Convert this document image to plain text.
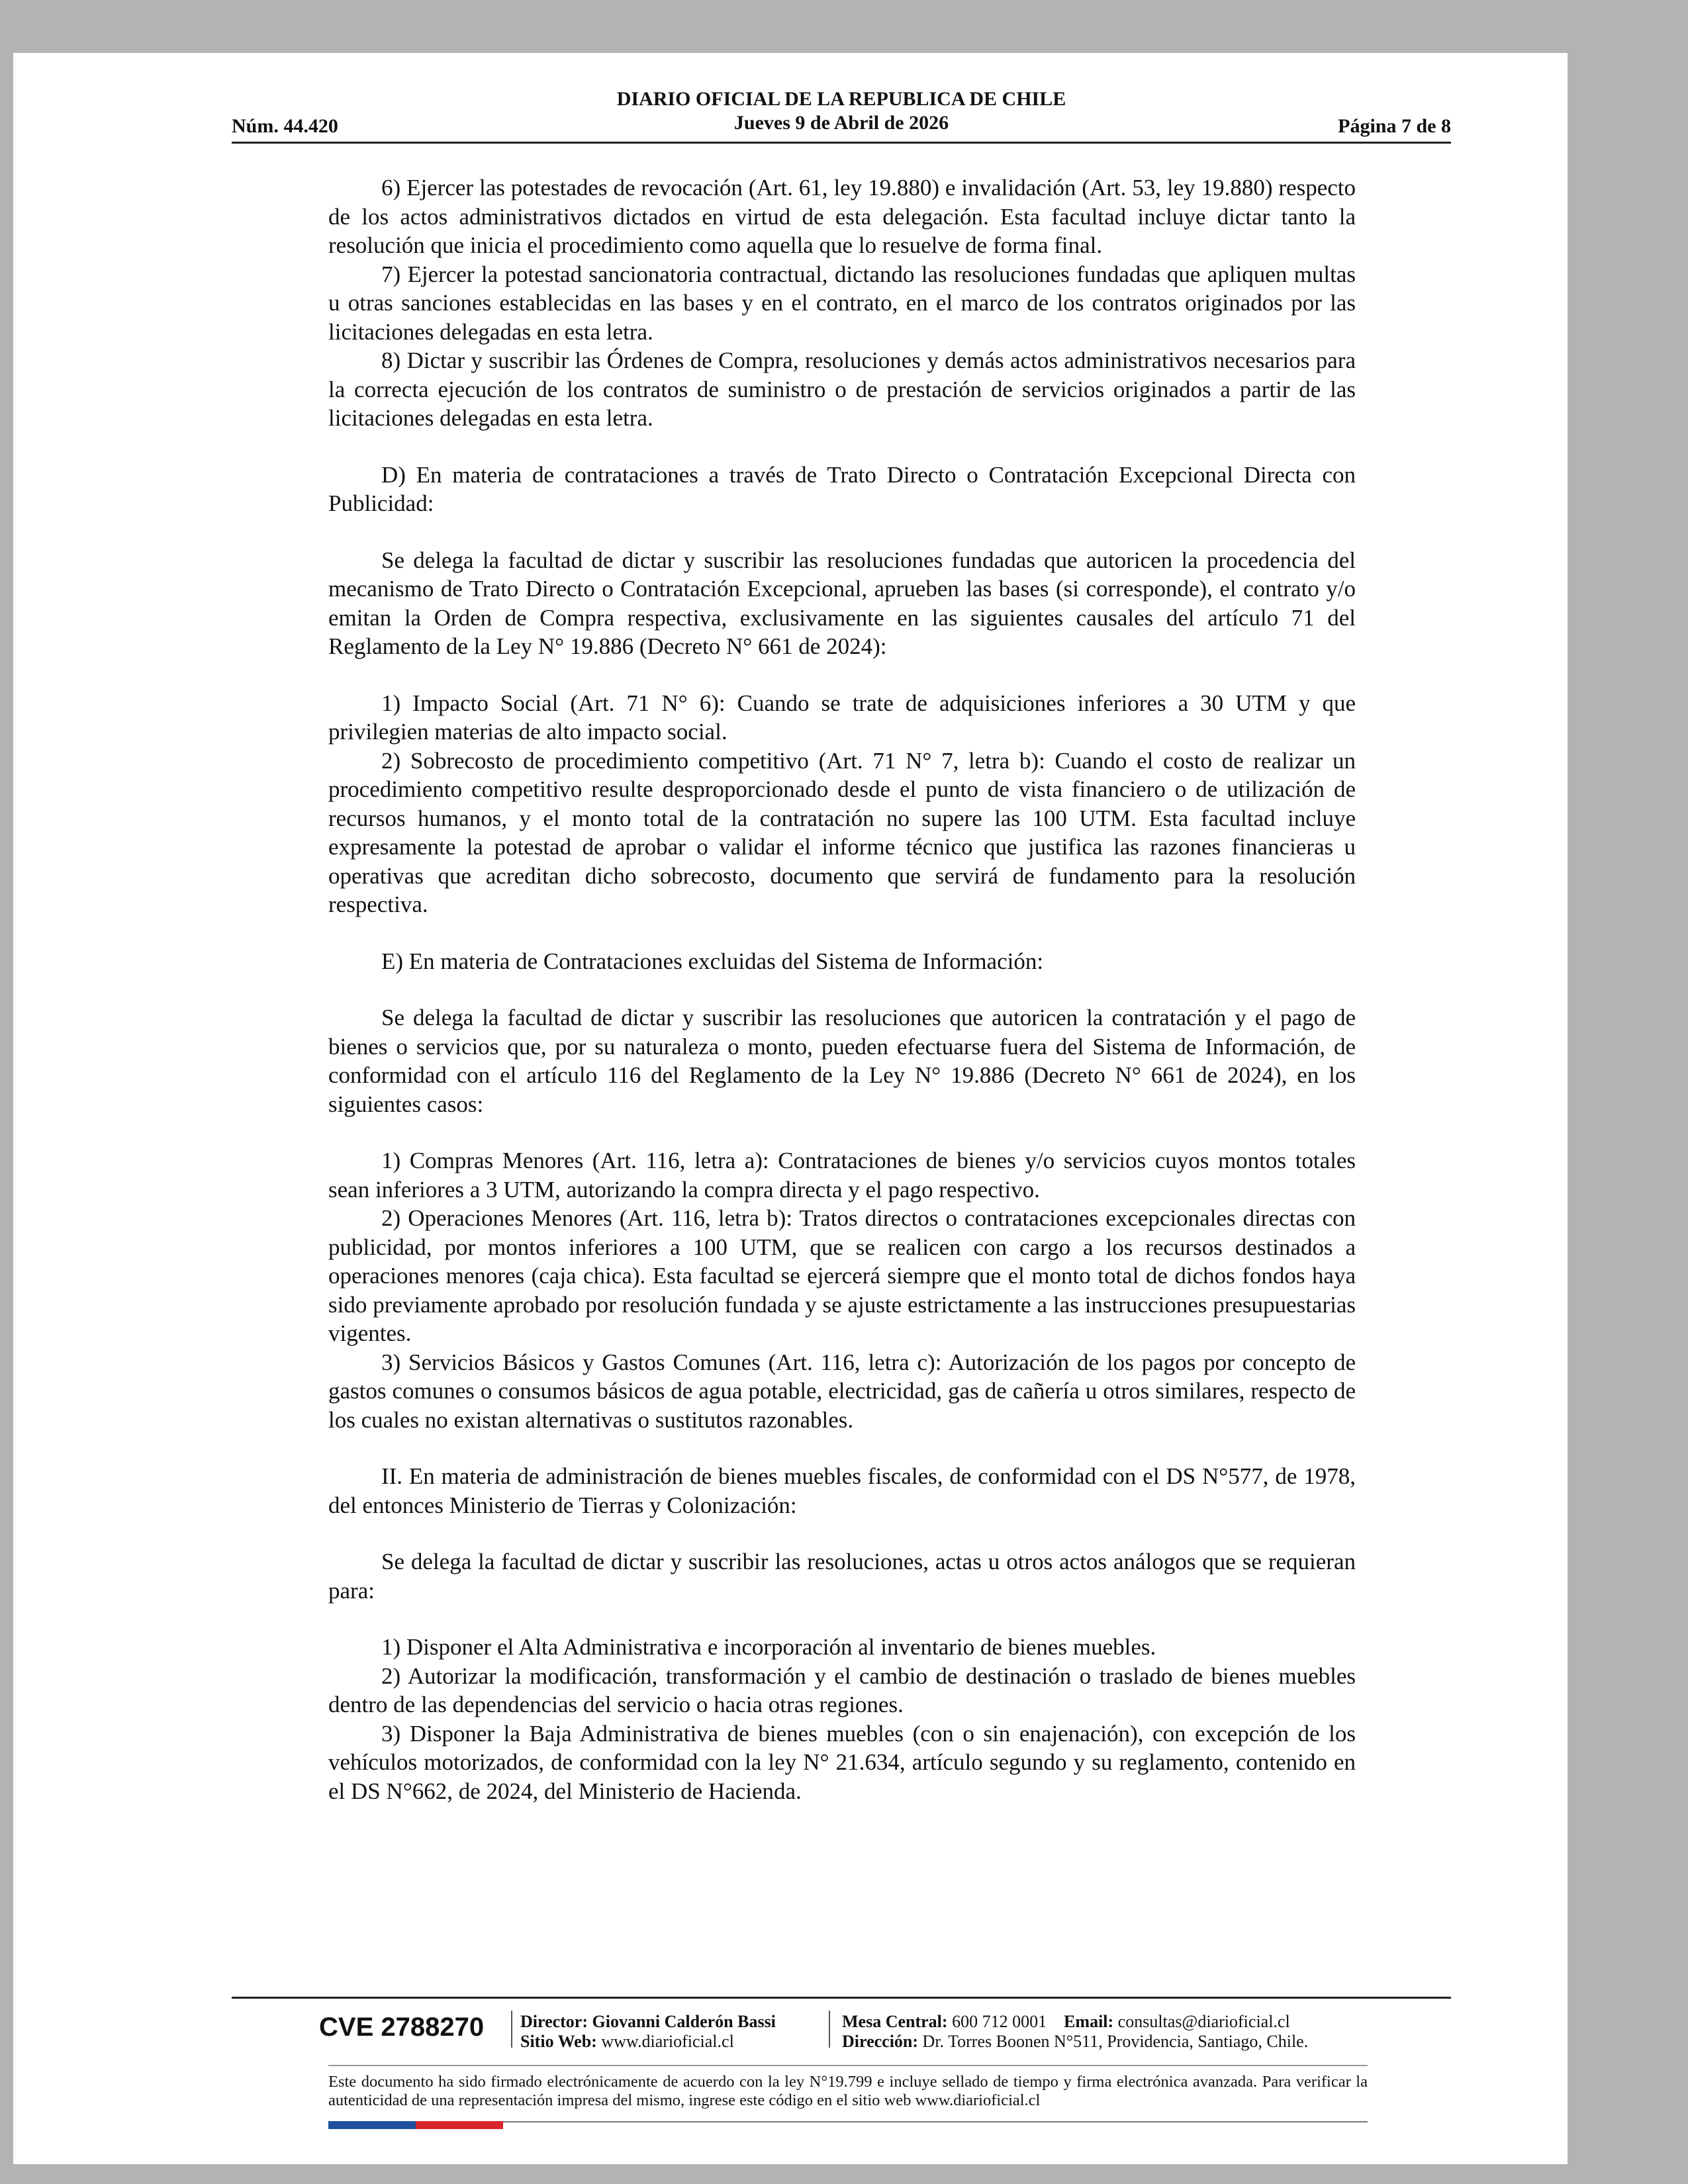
Núm. 44.420
DIARIO OFICIAL DE LA REPUBLICA DE CHILE
Jueves 9 de Abril de 2026	Página 7 de 8

6) Ejercer las potestades de revocación (Art. 61, ley 19.880) e invalidación (Art. 53, ley 19.880) respecto de los actos administrativos dictados en virtud de esta delegación. Esta facultad incluye dictar tanto la resolución que inicia el procedimiento como aquella que lo resuelve de forma final.

7) Ejercer la potestad sancionatoria contractual, dictando las resoluciones fundadas que apliquen multas u otras sanciones establecidas en las bases y en el contrato, en el marco de los contratos originados por las licitaciones delegadas en esta letra.

8) Dictar y suscribir las Órdenes de Compra, resoluciones y demás actos administrativos necesarios para la correcta ejecución de los contratos de suministro o de prestación de servicios originados a partir de las licitaciones delegadas en esta letra.

D) En materia de contrataciones a través de Trato Directo o Contratación Excepcional Directa con Publicidad:

Se delega la facultad de dictar y suscribir las resoluciones fundadas que autoricen la procedencia del mecanismo de Trato Directo o Contratación Excepcional, aprueben las bases (si corresponde), el contrato y/o emitan la Orden de Compra respectiva, exclusivamente en las siguientes causales del artículo 71 del Reglamento de la Ley N° 19.886 (Decreto N° 661 de 2024):

1) Impacto Social (Art. 71 N° 6): Cuando se trate de adquisiciones inferiores a 30 UTM y que privilegien materias de alto impacto social.

2) Sobrecosto de procedimiento competitivo (Art. 71 N° 7, letra b): Cuando el costo de realizar un procedimiento competitivo resulte desproporcionado desde el punto de vista financiero o de utilización de recursos humanos, y el monto total de la contratación no supere las 100 UTM. Esta facultad incluye expresamente la potestad de aprobar o validar el informe técnico que justifica las razones financieras u operativas que acreditan dicho sobrecosto, documento que servirá de fundamento para la resolución respectiva.

E) En materia de Contrataciones excluidas del Sistema de Información:

Se delega la facultad de dictar y suscribir las resoluciones que autoricen la contratación y el pago de bienes o servicios que, por su naturaleza o monto, pueden efectuarse fuera del Sistema de Información, de conformidad con el artículo 116 del Reglamento de la Ley N° 19.886 (Decreto N° 661 de 2024), en los siguientes casos:

1) Compras Menores (Art. 116, letra a): Contrataciones de bienes y/o servicios cuyos montos totales sean inferiores a 3 UTM, autorizando la compra directa y el pago respectivo.

2) Operaciones Menores (Art. 116, letra b): Tratos directos o contrataciones excepcionales directas con publicidad, por montos inferiores a 100 UTM, que se realicen con cargo a los recursos destinados a operaciones menores (caja chica). Esta facultad se ejercerá siempre que el monto total de dichos fondos haya sido previamente aprobado por resolución fundada y se ajuste estrictamente a las instrucciones presupuestarias vigentes.

3) Servicios Básicos y Gastos Comunes (Art. 116, letra c): Autorización de los pagos por concepto de gastos comunes o consumos básicos de agua potable, electricidad, gas de cañería u otros similares, respecto de los cuales no existan alternativas o sustitutos razonables.

II. En materia de administración de bienes muebles fiscales, de conformidad con el DS N°577, de 1978, del entonces Ministerio de Tierras y Colonización:

Se delega la facultad de dictar y suscribir las resoluciones, actas u otros actos análogos que se requieran para:

1) Disponer el Alta Administrativa e incorporación al inventario de bienes muebles.

2) Autorizar la modificación, transformación y el cambio de destinación o traslado de bienes muebles dentro de las dependencias del servicio o hacia otras regiones.

3) Disponer la Baja Administrativa de bienes muebles (con o sin enajenación), con excepción de los vehículos motorizados, de conformidad con la ley N° 21.634, artículo segundo y su reglamento, contenido en el DS N°662, de 2024, del Ministerio de Hacienda.

CVE 2788270 Director: Giovanni Calderón Bassi
Sitio Web: www.diarioficial.cl
Mesa Central: 600 712 0001 Email: consultas@diarioficial.cl
Dirección: Dr. Torres Boonen N°511, Providencia, Santiago, Chile.
Este documento ha sido firmado electrónicamente de acuerdo con la ley N°19.799 e incluye sellado de tiempo y firma electrónica avanzada. Para verificar la autenticidad de una representación impresa del mismo, ingrese este código en el sitio web www.diarioficial.cl
